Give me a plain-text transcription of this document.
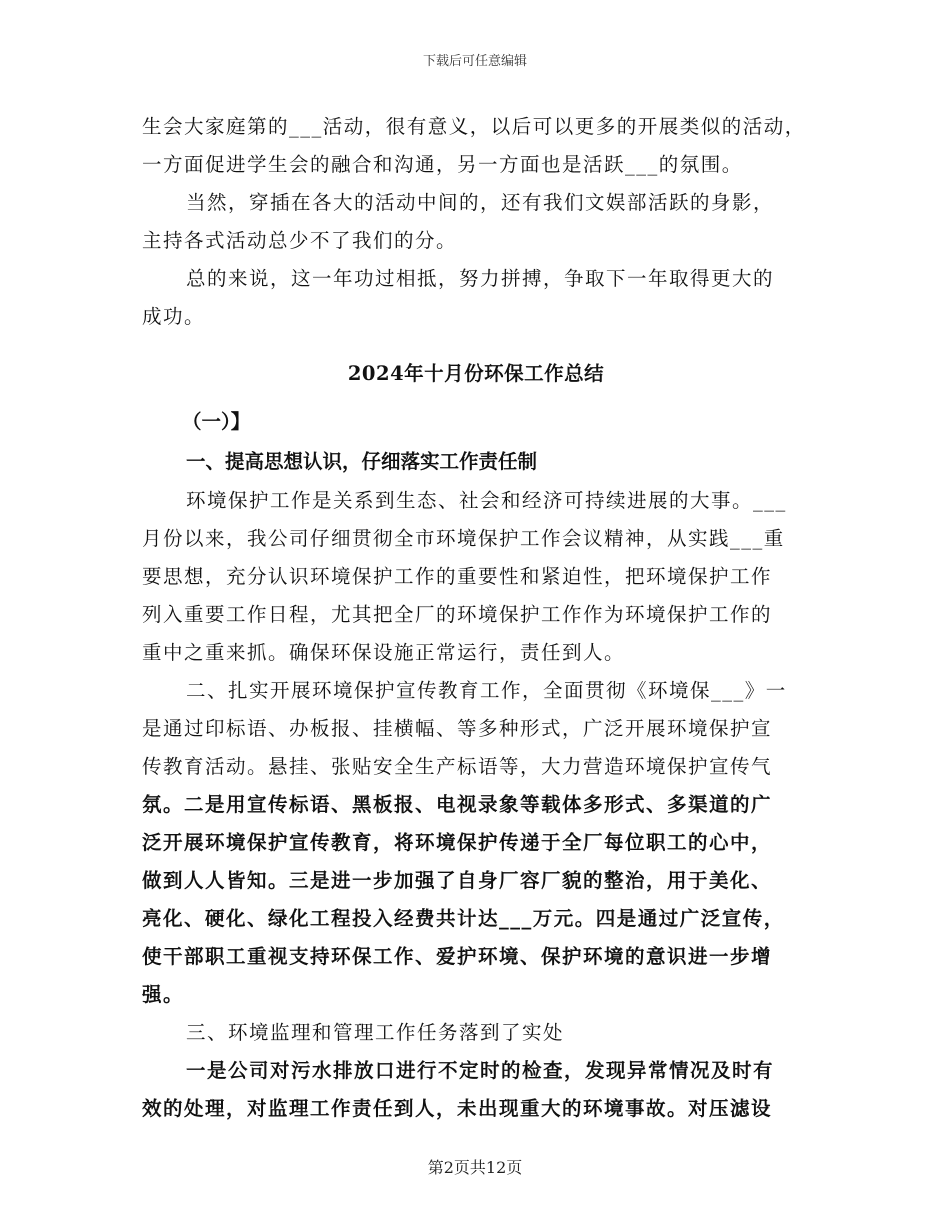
下载后可任意编辑
生会大家庭第的___活动，很有意义，以后可以更多的开展类似的活动，
一方面促进学生会的融合和沟通，另一方面也是活跃___的氛围。
当然，穿插在各大的活动中间的，还有我们文娱部活跃的身影，
主持各式活动总少不了我们的分。
总的来说，这一年功过相抵，努力拼搏，争取下一年取得更大的
成功。
2024年十月份环保工作总结
（一）】
一、提高思想认识，仔细落实工作责任制
环境保护工作是关系到生态、社会和经济可持续进展的大事。___
月份以来，我公司仔细贯彻全市环境保护工作会议精神，从实践___重
要思想，充分认识环境保护工作的重要性和紧迫性，把环境保护工作
列入重要工作日程，尤其把全厂的环境保护工作作为环境保护工作的
重中之重来抓。确保环保设施正常运行，责任到人。
二、扎实开展环境保护宣传教育工作，全面贯彻《环境保___》一
是通过印标语、办板报、挂横幅、等多种形式，广泛开展环境保护宣
传教育活动。悬挂、张贴安全生产标语等，大力营造环境保护宣传气
氛。二是用宣传标语、黑板报、电视录象等载体多形式、多渠道的广
泛开展环境保护宣传教育，将环境保护传递于全厂每位职工的心中，
做到人人皆知。三是进一步加强了自身厂容厂貌的整治，用于美化、
亮化、硬化、绿化工程投入经费共计达___万元。四是通过广泛宣传，
使干部职工重视支持环保工作、爱护环境、保护环境的意识进一步增
强。
三、环境监理和管理工作任务落到了实处
一是公司对污水排放口进行不定时的检查，发现异常情况及时有
效的处理，对监理工作责任到人，未出现重大的环境事故。对压滤设
第2页共12页
